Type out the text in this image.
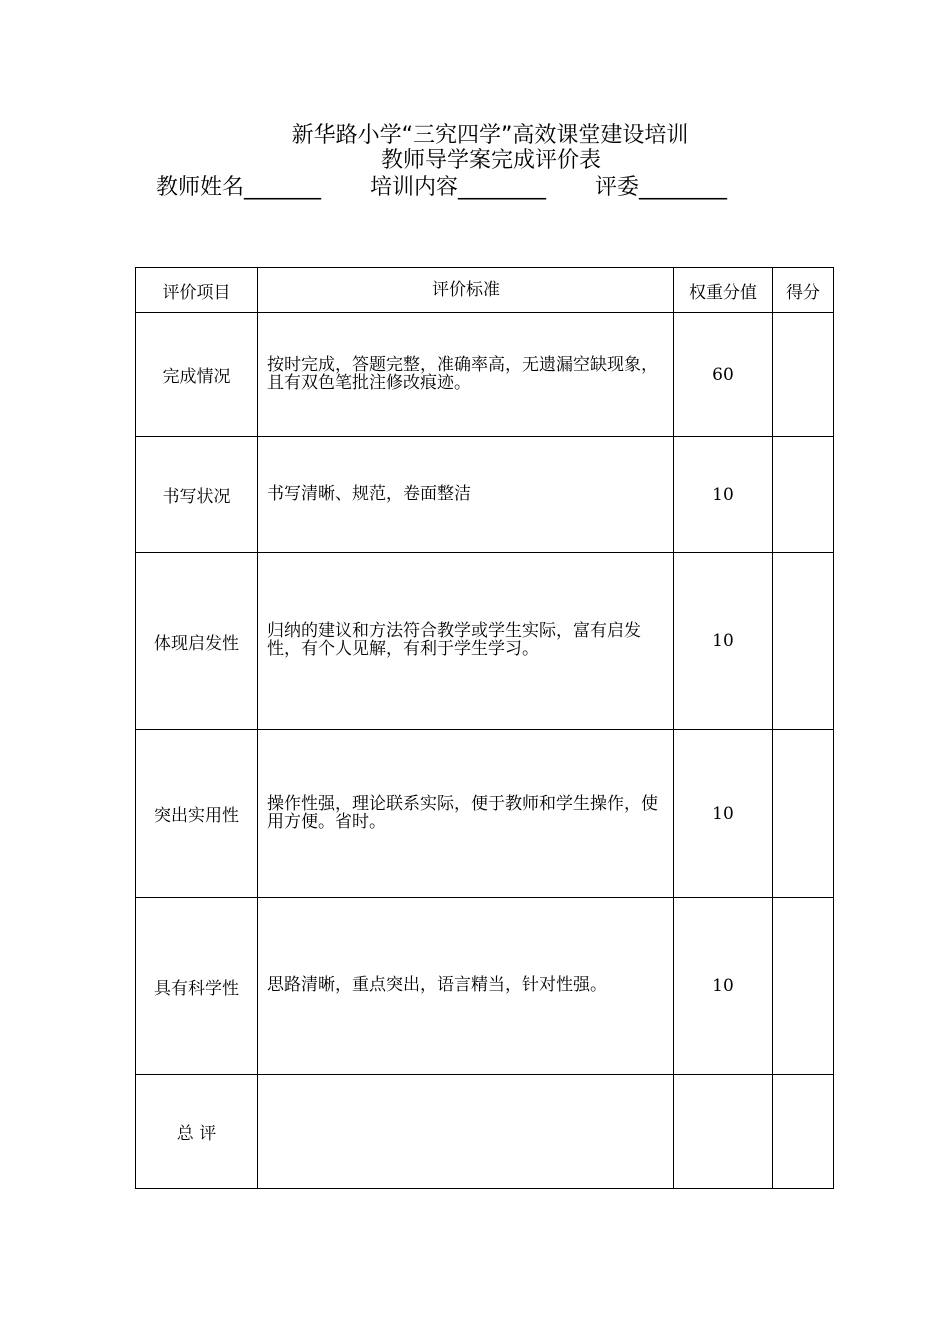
新华路小学“三究四学”高效课堂建设培训
教师导学案完成评价表
教师姓名_______ 培训内容________ 评委________
评价项目	评价标准	权重分值	得分
完成情况	按时完成，答题完整，准确率高，无遗漏空缺现象，且有双色笔批注修改痕迹。	60	
书写状况	书写清晰、规范，卷面整洁	10	
体现启发性	归纳的建议和方法符合教学或学生实际，富有启发性，有个人见解，有利于学生学习。	10	
突出实用性	操作性强，理论联系实际，便于教师和学生操作，使用方便。省时。	10	
具有科学性	思路清晰，重点突出，语言精当，针对性强。	10	
总 评			
